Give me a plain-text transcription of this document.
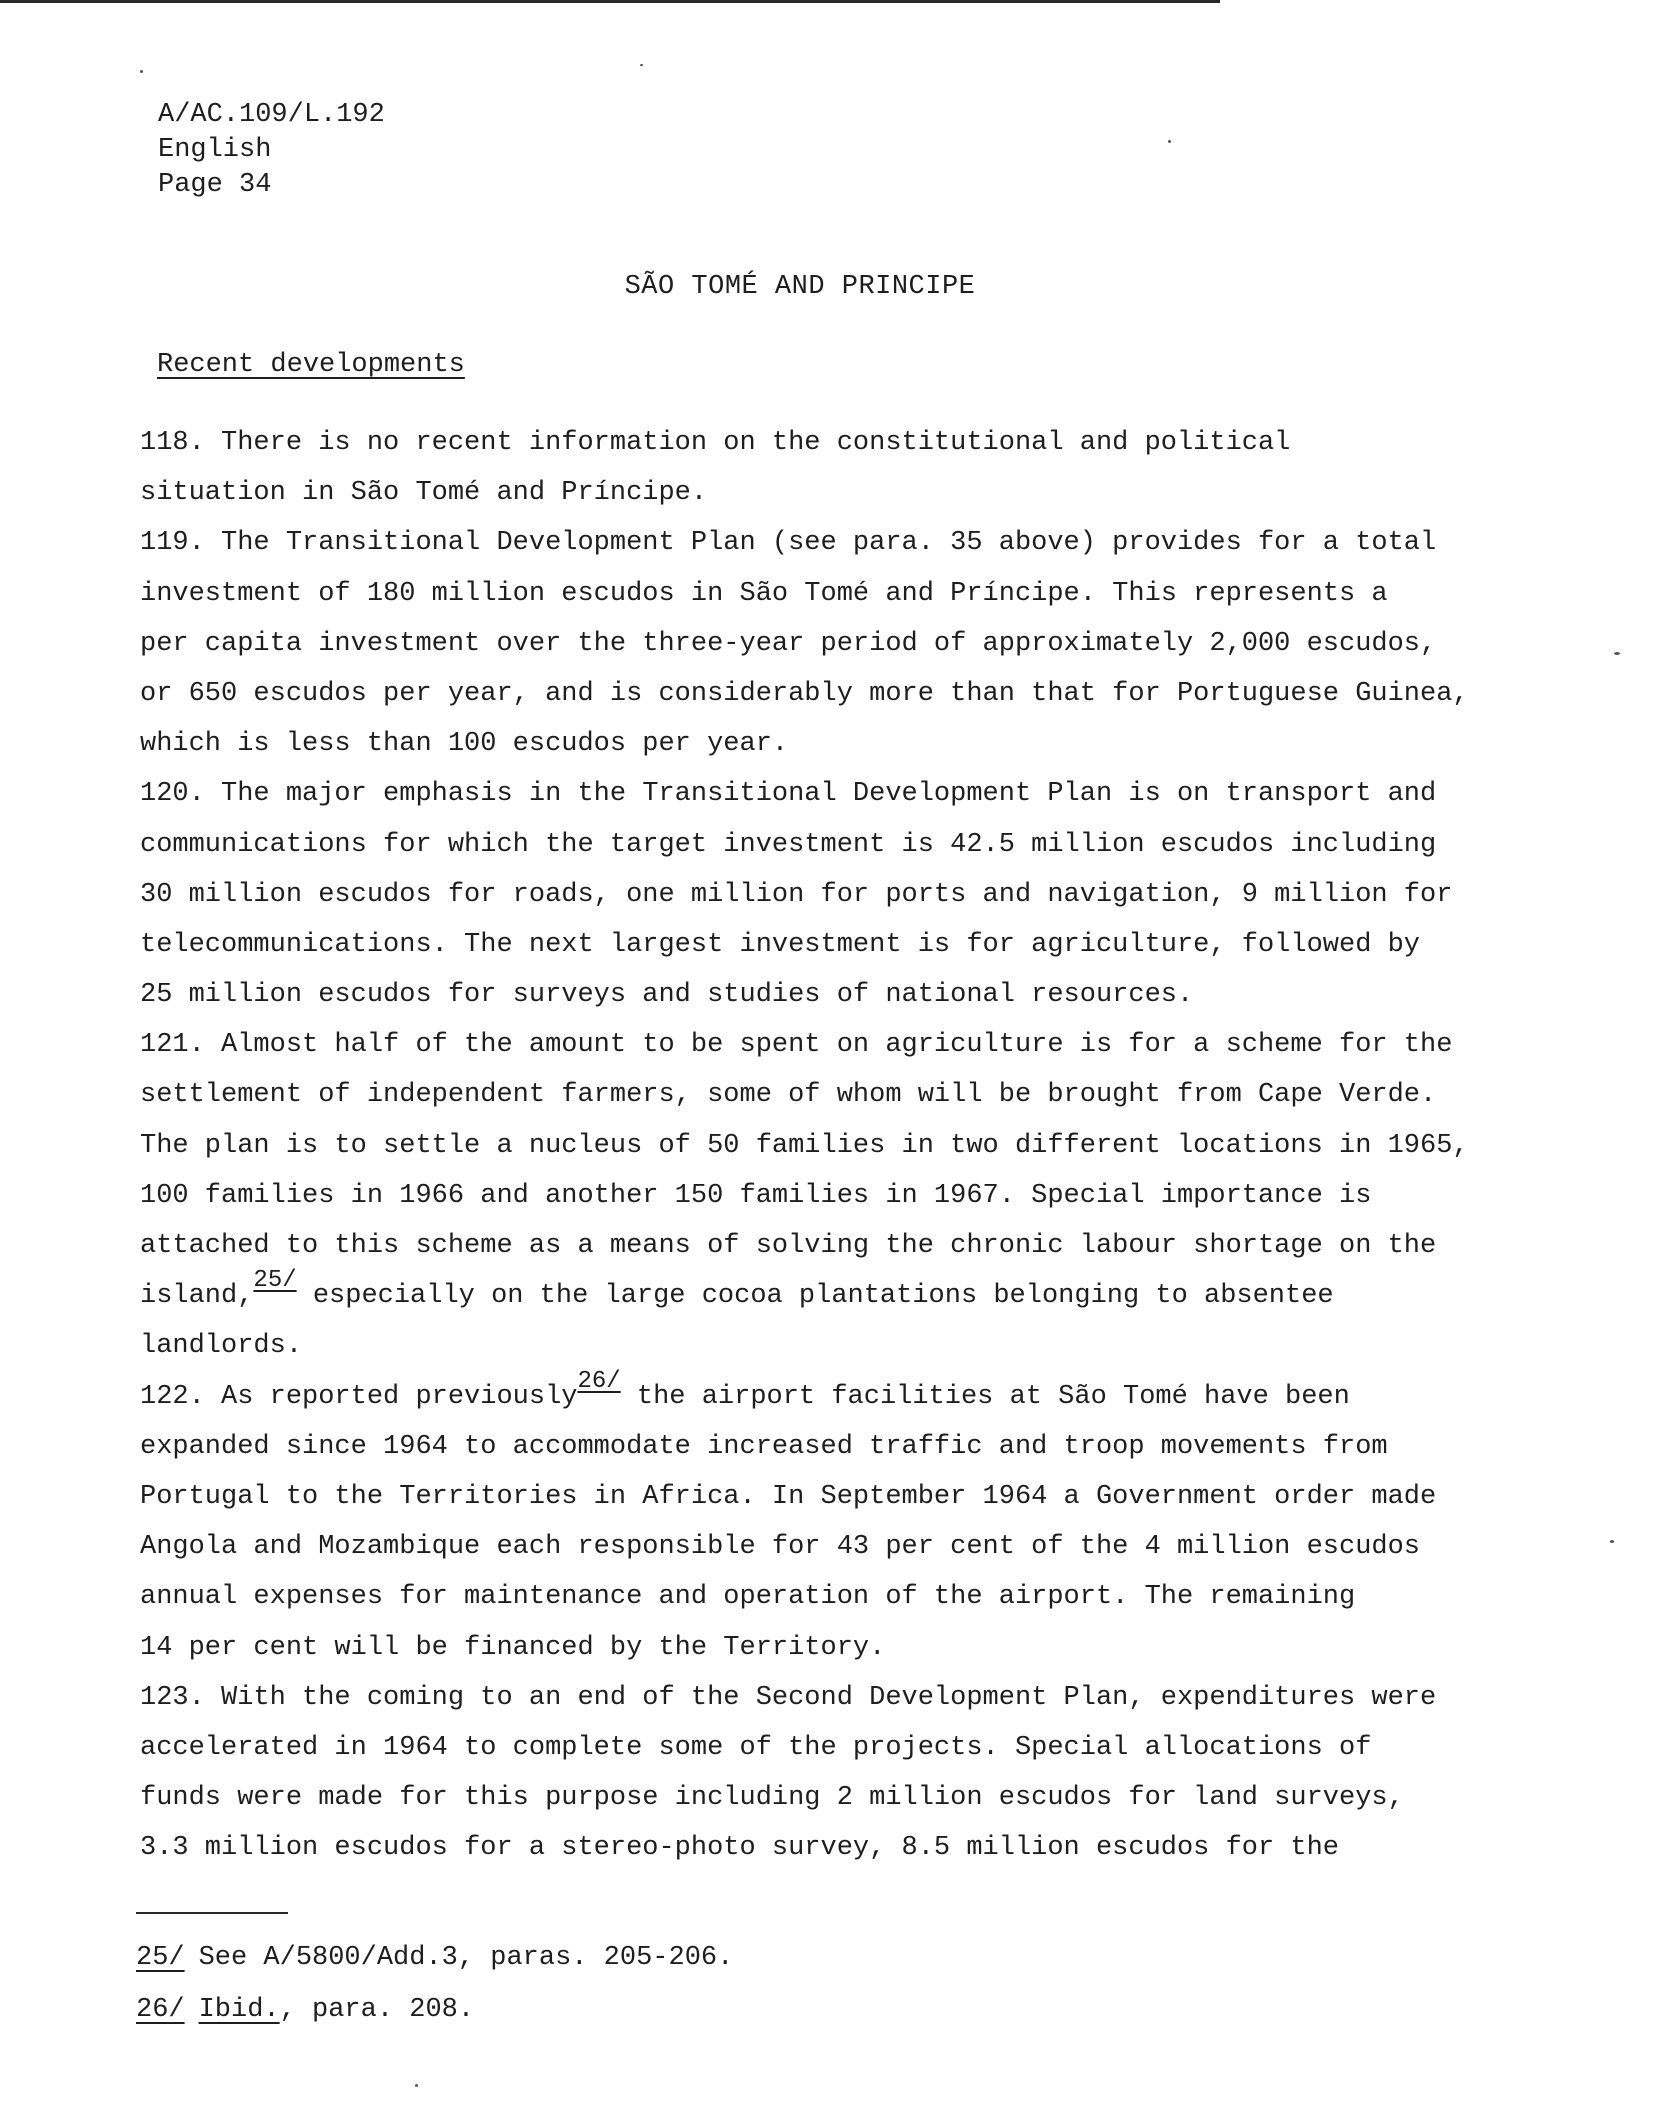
A/AC.109/L.192
English
Page 34
SÃO TOMÉ AND PRINCIPE
Recent developments
118. There is no recent information on the constitutional and political
situation in São Tomé and Príncipe.
119. The Transitional Development Plan (see para. 35 above) provides for a total
investment of 180 million escudos in São Tomé and Príncipe. This represents a
per capita investment over the three-year period of approximately 2,000 escudos,
or 650 escudos per year, and is considerably more than that for Portuguese Guinea,
which is less than 100 escudos per year.
120. The major emphasis in the Transitional Development Plan is on transport and
communications for which the target investment is 42.5 million escudos including
30 million escudos for roads, one million for ports and navigation, 9 million for
telecommunications. The next largest investment is for agriculture, followed by
25 million escudos for surveys and studies of national resources.
121. Almost half of the amount to be spent on agriculture is for a scheme for the
settlement of independent farmers, some of whom will be brought from Cape Verde.
The plan is to settle a nucleus of 50 families in two different locations in 1965,
100 families in 1966 and another 150 families in 1967. Special importance is
attached to this scheme as a means of solving the chronic labour shortage on the
island,25/ especially on the large cocoa plantations belonging to absentee
landlords.
122. As reported previously26/ the airport facilities at São Tomé have been
expanded since 1964 to accommodate increased traffic and troop movements from
Portugal to the Territories in Africa. In September 1964 a Government order made
Angola and Mozambique each responsible for 43 per cent of the 4 million escudos
annual expenses for maintenance and operation of the airport. The remaining
14 per cent will be financed by the Territory.
123. With the coming to an end of the Second Development Plan, expenditures were
accelerated in 1964 to complete some of the projects. Special allocations of
funds were made for this purpose including 2 million escudos for land surveys,
3.3 million escudos for a stereo-photo survey, 8.5 million escudos for the
25/ See A/5800/Add.3, paras. 205-206.
26/ Ibid., para. 208.
